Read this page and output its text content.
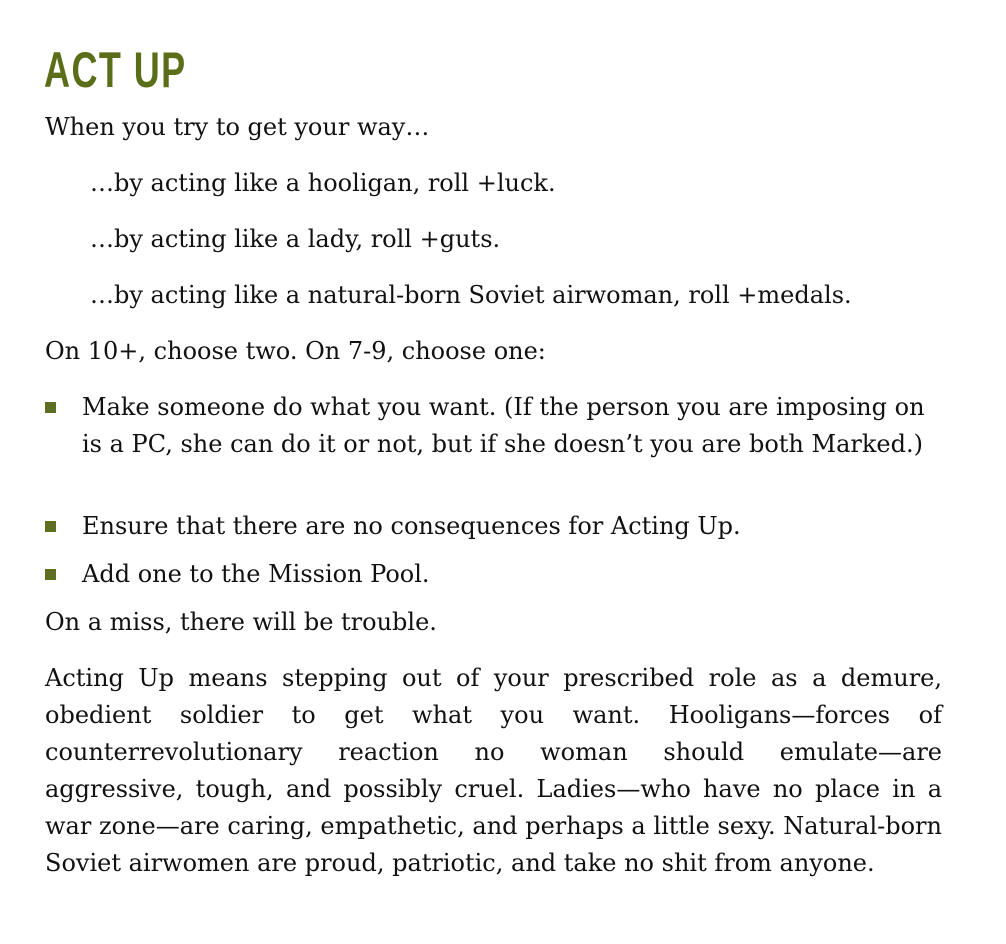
ACT UP
When you try to get your way…
…by acting like a hooligan, roll +luck.
…by acting like a lady, roll +guts.
…by acting like a natural-born Soviet airwoman, roll +medals.
On 10+, choose two. On 7-9, choose one:
Make someone do what you want. (If the person you are imposing on is a PC, she can do it or not, but if she doesn’t you are both Marked.)
Ensure that there are no consequences for Acting Up.
Add one to the Mission Pool.
On a miss, there will be trouble.
Acting Up means stepping out of your prescribed role as a demure, obedient soldier to get what you want. Hooligans—forces of counterrevolutionary reaction no woman should emulate—are aggressive, tough, and possibly cruel. Ladies—who have no place in a war zone—are caring, empathetic, and perhaps a little sexy. Natural-born Soviet airwomen are proud, patriotic, and take no shit from anyone.
